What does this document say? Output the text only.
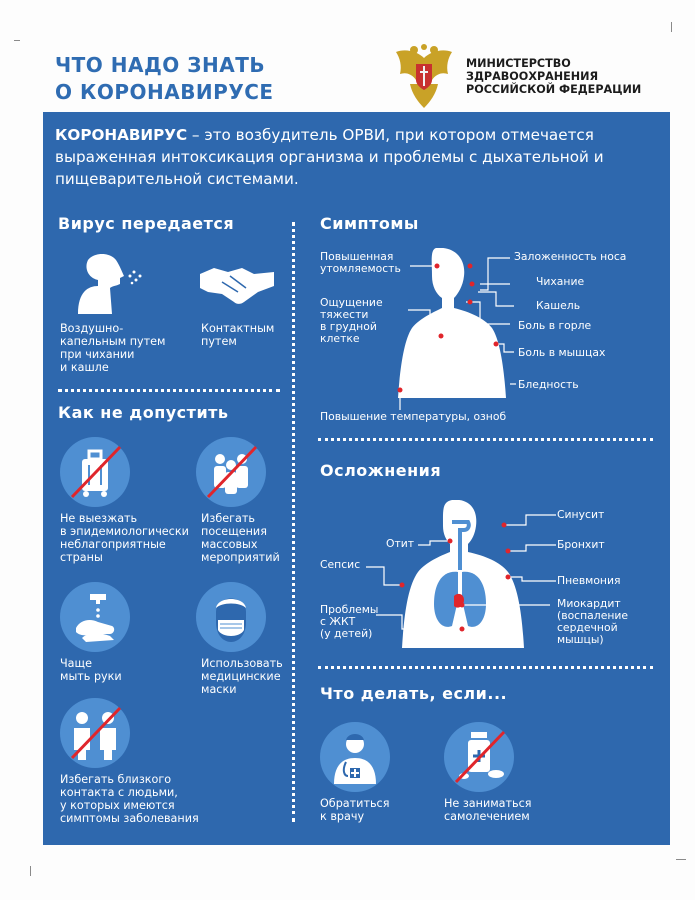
ЧТО НАДО ЗНАТЬ
О КОРОНАВИРУСЕ
МИНИСТЕРСТВО
ЗДРАВООХРАНЕНИЯ
РОССИЙСКОЙ ФЕДЕРАЦИИ
КОРОНАВИРУС – это возбудитель ОРВИ, при котором отмечается выраженная интоксикация организма и проблемы с дыхательной и пищеварительной системами.
Вирус передается
Воздушно-
капельным путем
при чихании
и кашле
Контактным
путем
Как не допустить
Не выезжать
в эпидемиологически
неблагоприятные
страны
Избегать
посещения
массовых
мероприятий
Чаще
мыть руки
Использовать
медицинские
маски
Избегать близкого
контакта с людьми,
у которых имеются
симптомы заболевания
Симптомы
Повышенная
утомляемость
Ощущение
тяжести
в грудной
клетке
Заложенность носа
Чихание
Кашель
Боль в горле
Боль в мышцах
Бледность
Повышение температуры, озноб
Осложнения
Синусит
Отит	Бронхит
Сепсис
Пневмония
Проблемы
с ЖКТ
(у детей)
Миокардит
(воспаление
сердечной
мышцы)
Что делать, если...
Обратиться
к врачу
Не заниматься
самолечением
